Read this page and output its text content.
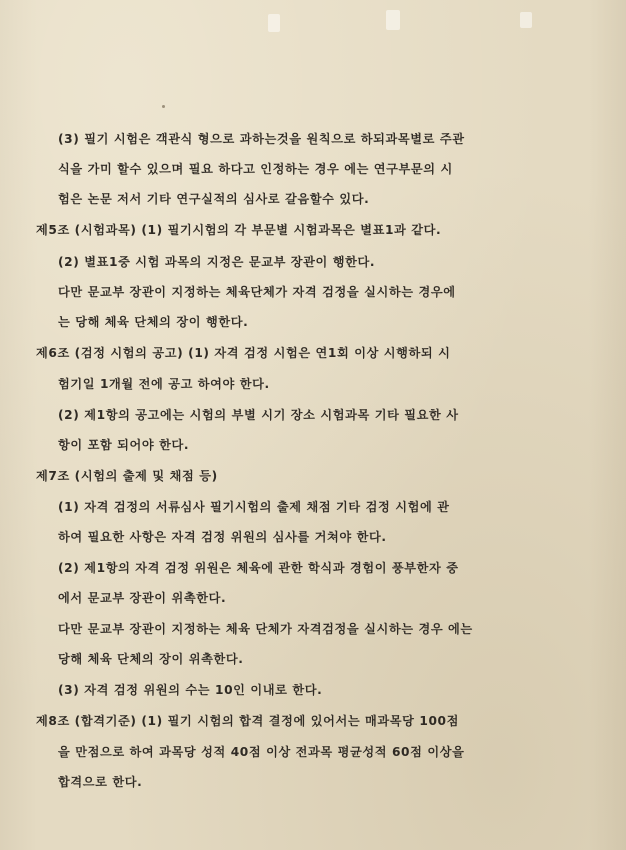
(3) 필기 시험은 객관식 형으로 과하는것을 원칙으로 하되과목별로 주관
식을 가미 할수 있으며 필요 하다고 인정하는 경우 에는 연구부문의 시
험은 논문 저서 기타 연구실적의 심사로 갈음할수 있다.
제5조 (시험과목) (1) 필기시험의 각 부문별 시험과목은 별표1과 같다.
(2) 별표1중 시험 과목의 지정은 문교부 장관이 행한다.
다만 문교부 장관이 지정하는 체육단체가 자격 검정을 실시하는 경우에
는 당해 체육 단체의 장이 행한다.
제6조 (검정 시험의 공고) (1) 자격 검정 시험은 연1회 이상 시행하되 시
험기일 1개월 전에 공고 하여야 한다.
(2) 제1항의 공고에는 시험의 부별 시기 장소 시험과목 기타 필요한 사
항이 포함 되어야 한다.
제7조 (시험의 출제 및 채점 등)
(1) 자격 검정의 서류심사 필기시험의 출제 채점 기타 검정 시험에 관
하여 필요한 사항은 자격 검정 위원의 심사를 거쳐야 한다.
(2) 제1항의 자격 검정 위원은 체육에 관한 학식과 경험이 풍부한자 중
에서 문교부 장관이 위촉한다.
다만 문교부 장관이 지정하는 체육 단체가 자격검정을 실시하는 경우 에는
당해 체육 단체의 장이 위촉한다.
(3) 자격 검정 위원의 수는 10인 이내로 한다.
제8조 (합격기준) (1) 필기 시험의 합격 결정에 있어서는 매과목당 100점
을 만점으로 하여 과목당 성적 40점 이상 전과목 평균성적 60점 이상을
합격으로 한다.
